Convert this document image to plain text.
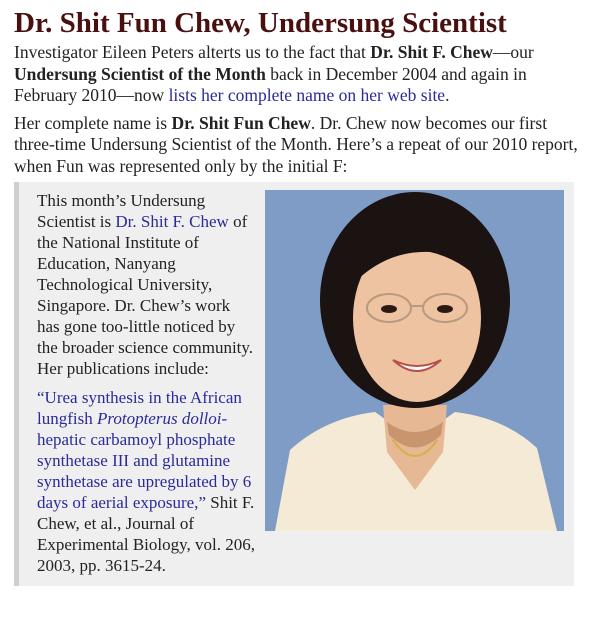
Dr. Shit Fun Chew, Undersung Scientist

Investigator Eileen Peters alterts us to the fact that Dr. Shit F. Chew—our Undersung Scientist of the Month back in December 2004 and again in February 2010—now lists her complete name on her web site.

Her complete name is Dr. Shit Fun Chew. Dr. Chew now becomes our first three-time Undersung Scientist of the Month. Here’s a repeat of our 2010 report, when Fun was represented only by the initial F:

This month’s Undersung Scientist is Dr. Shit F. Chew of the National Institute of Education, Nanyang Technological University, Singapore. Dr. Chew’s work has gone too-little noticed by the broader science community. Her publications include:

“Urea synthesis in the African lungfish Protopterus dolloi-hepatic carbamoyl phosphate synthetase III and glutamine synthetase are upregulated by 6 days of aerial exposure,” Shit F. Chew, et al., Journal of Experimental Biology, vol. 206, 2003, pp. 3615-24.
